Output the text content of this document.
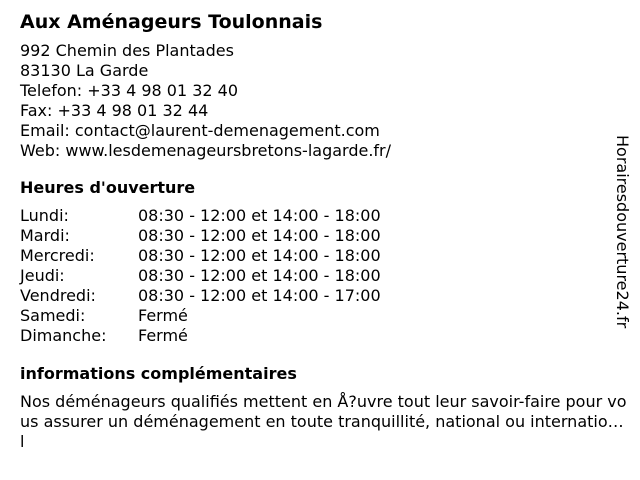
Aux Aménageurs Toulonnais
992 Chemin des Plantades
83130 La Garde
Telefon: +33 4 98 01 32 40
Fax: +33 4 98 01 32 44
Email: contact@laurent-demenagement.com
Web: www.lesdemenageursbretons-lagarde.fr/
Heures d'ouverture
Lundi:	08:30 - 12:00 et 14:00 - 18:00
Mardi:	08:30 - 12:00 et 14:00 - 18:00
Mercredi:	08:30 - 12:00 et 14:00 - 18:00
Jeudi:	08:30 - 12:00 et 14:00 - 18:00
Vendredi:	08:30 - 12:00 et 14:00 - 17:00
Samedi:	Fermé
Dimanche:	Fermé
informations complémentaires
Nos déménageurs qualifiés mettent en Å?uvre tout leur savoir-faire pour vous assurer un déménagement en toute tranquillité, national ou international
Horairesdouverture24.fr
